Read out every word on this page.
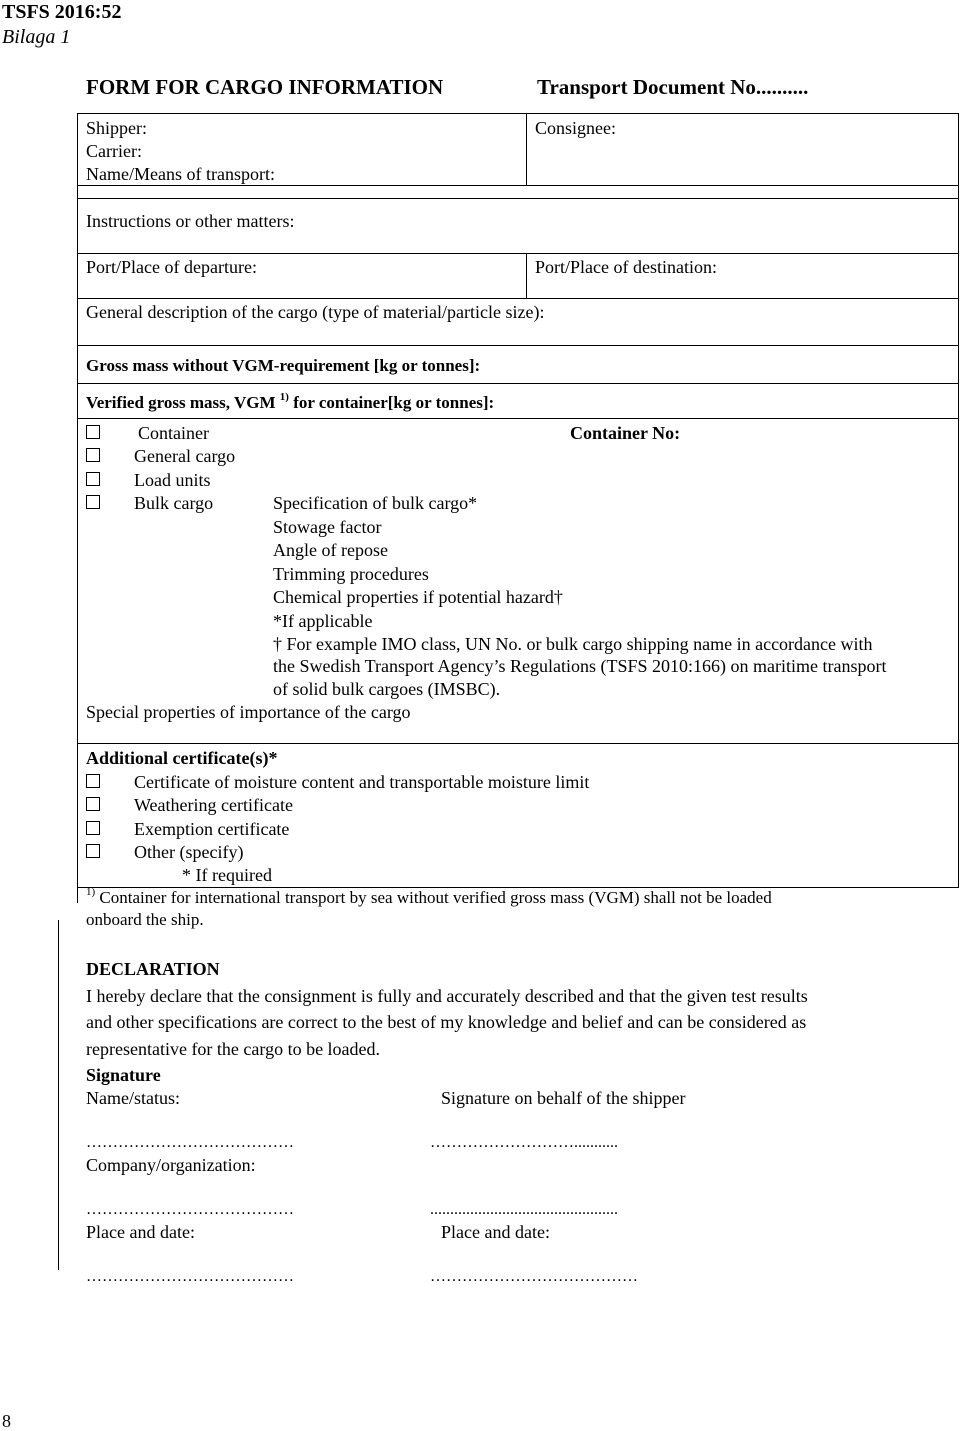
TSFS 2016:52
Bilaga 1
FORM FOR CARGO INFORMATION	Transport Document No..........
Shipper:
Carrier:
Name/Means of transport:
Consignee:
Instructions or other matters:
Port/Place of departure:	Port/Place of destination:
General description of the cargo (type of material/particle size):
Gross mass without VGM-requirement [kg or tonnes]:
Verified gross mass, VGM $^{1)}$ for container[kg or tonnes]:
Container	Container No:
General cargo
Load units
Bulk cargo	Specification of bulk cargo*
Stowage factor
Angle of repose
Trimming procedures
Chemical properties if potential hazard†
*If applicable
† For example IMO class, UN No. or bulk cargo shipping name in accordance with
the Swedish Transport Agency’s Regulations (TSFS 2010:166) on maritime transport
of solid bulk cargoes (IMSBC).
Special properties of importance of the cargo
Additional certificate(s)*
Certificate of moisture content and transportable moisture limit
Weathering certificate
Exemption certificate
Other (specify)
* If required
$^{1)}$ Container for international transport by sea without verified gross mass (VGM) shall not be loaded
onboard the ship.
DECLARATION
I hereby declare that the consignment is fully and accurately described and that the given test results
and other specifications are correct to the best of my knowledge and belief and can be considered as
representative for the cargo to be loaded.
Signature
Name/status:	Signature on behalf of the shipper
…………………………………	………………………...........
Company/organization:
…………………………………	...............................................
Place and date:	Place and date:
…………………………………	…………………………………
8
